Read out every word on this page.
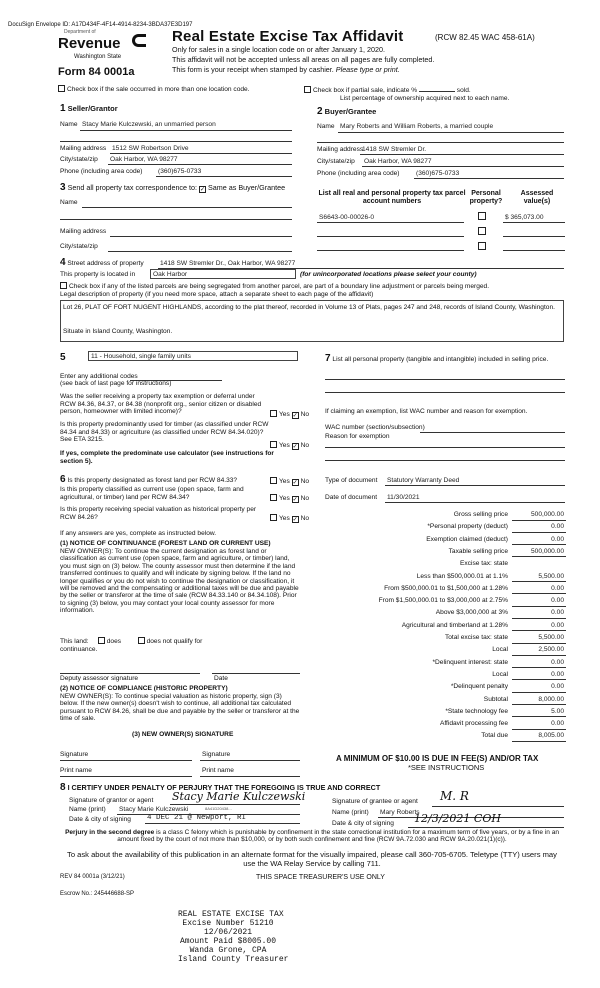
DocuSign Envelope ID: A17D434F-4F14-4914-8234-3BDA37E3D197
Department of
Revenue
Washington State
Form 84 0001a
Real Estate Excise Tax Affidavit	(RCW 82.45 WAC 458-61A)
Only for sales in a single location code on or after January 1, 2020.
This affidavit will not be accepted unless all areas on all pages are fully completed.
This form is your receipt when stamped by cashier. Please type or print.
Check box if the sale occurred in more than one location code.	Check box if partial sale, indicate %	sold.
List percentage of ownership acquired next to each name.
1 Seller/Grantor
Name Stacy Marie Kulczewski, an unmarried person
Mailing address 1512 SW Robertson Drive
City/state/zip Oak Harbor, WA 98277
Phone (including area code) (360)675-0733
2 Buyer/Grantee
Name Mary Roberts and William Roberts, a married couple
Mailing address
1418 SW Stremler Dr.
City/state/zip Oak Harbor, WA 98277
Phone (including area code)	(360)675-0733
3 Send all property tax correspondence to: ✓ Same as Buyer/Grantee
Name
Mailing address
City/state/zip
List all real and personal property tax parcel account numbers
Personal property?
Assessed value(s)
S6643-00-00026-0	$ 365,073.00
4 Street address of property 1418 SW Stremler Dr., Oak Harbor, WA 98277
This property is located in	Oak Harbor	(for unincorporated locations please select your county)
Check box if any of the listed parcels are being segregated from another parcel, are part of a boundary line adjustment or parcels being merged.
Legal description of property (if you need more space, attach a separate sheet to each page of the affidavit)
Lot 26, PLAT OF FORT NUGENT HIGHLANDS, according to the plat thereof, recorded in Volume 13 of Plats, pages 247 and 248, records of Island County, Washington.
Situate in Island County, Washington.
5	11 - Household, single family units
Enter any additional codes
(see back of last page for instructions)
Was the seller receiving a property tax exemption or deferral under RCW 84.36, 84.37, or 84.38 (nonprofit org., senior citizen or disabled person, homeowner with limited income)?	Yes ✓ No
Is this property predominantly used for timber (as classified under RCW 84.34 and 84.33) or agriculture (as classified under RCW 84.34.020)? See ETA 3215.
Yes ✓ No
If yes, complete the predominate use calculator (see instructions for section 5).
7 List all personal property (tangible and intangible) included in selling price.
If claiming an exemption, list WAC number and reason for exemption.
WAC number (section/subsection)
Reason for exemption
6 Is this property designated as forest land per RCW 84.33?	Yes ✓ No
Is this property classified as current use (open space, farm and agricultural, or timber) land per RCW 84.34?	Yes ✓ No
Is this property receiving special valuation as historical property per RCW 84.26?	Yes ✓ No
If any answers are yes, complete as instructed below.
(1) NOTICE OF CONTINUANCE (FOREST LAND OR CURRENT USE)
NEW OWNER(S): To continue the current designation as forest land or classification as current use (open space, farm and agriculture, or timber) land, you must sign on (3) below. The county assessor must then determine if the land transferred continues to qualify and will indicate by signing below. If the land no longer qualifies or you do not wish to continue the designation or classification, it will be removed and the compensating or additional taxes will be due and payable by the seller or transferor at the time of sale (RCW 84.33.140 or 84.34.108). Prior to signing (3) below, you may contact your local county assessor for more information.
This land:	does	does not qualify for
continuance.
Deputy assessor signature	Date
(2) NOTICE OF COMPLIANCE (HISTORIC PROPERTY)
NEW OWNER(S): To continue special valuation as historic property, sign (3) below. If the new owner(s) doesn't wish to continue, all additional tax calculated pursuant to RCW 84.26, shall be due and payable by the seller or transferor at the time of sale.
(3) NEW OWNER(S) SIGNATURE
Signature	Signature
Print name	Print name
Type of document Statutory Warranty Deed
Date of document 11/30/2021
Gross selling price	500,000.00
*Personal property (deduct)	0.00
Exemption claimed (deduct)	0.00
Taxable selling price	500,000.00
Excise tax: state
Less than $500,000.01 at 1.1%	5,500.00
From $500,000.01 to $1,500,000 at 1.28%	0.00
From $1,500,000.01 to $3,000,000 at 2.75%	0.00
Above $3,000,000 at 3%	0.00
Agricultural and timberland at 1.28%	0.00
Total excise tax: state	5,500.00
Local	2,500.00
*Delinquent interest: state	0.00
Local	0.00
*Delinquent penalty	0.00
Subtotal	8,000.00
*State technology fee	5.00
Affidavit processing fee	0.00
Total due	8,005.00
A MINIMUM OF $10.00 IS DUE IN FEE(S) AND/OR TAX
*SEE INSTRUCTIONS
8 I CERTIFY UNDER PENALTY OF PERJURY THAT THE FOREGOING IS TRUE AND CORRECT
Signature of grantor or agent Stacy Marie Kulczewski
Name (print) Stacy Marie Kulczewski	8A41D20438...
Date & city of signing 4 DEC 21 @ Newport, RI
Signature of grantee or agent M. R
Name (print) Mary Roberts
Date & city of signing 12/3/2021 COH
Perjury in the second degree is a class C felony which is punishable by confinement in the state correctional institution for a maximum term of five years, or by a fine in an amount fixed by the court of not more than $10,000, or by both such confinement and fine (RCW 9A.72.030 and RCW 9A.20.021(1)(c)).
To ask about the availability of this publication in an alternate format for the visually impaired, please call 360-705-6705. Teletype (TTY) users may use the WA Relay Service by calling 711.
REV 84 0001a (3/12/21)	THIS SPACE TREASURER'S USE ONLY
Escrow No.: 245446688-SP
REAL ESTATE EXCISE TAX
Excise Number 51210
12/06/2021
Amount Paid $8005.00
Wanda Grone, CPA
Island County Treasurer
